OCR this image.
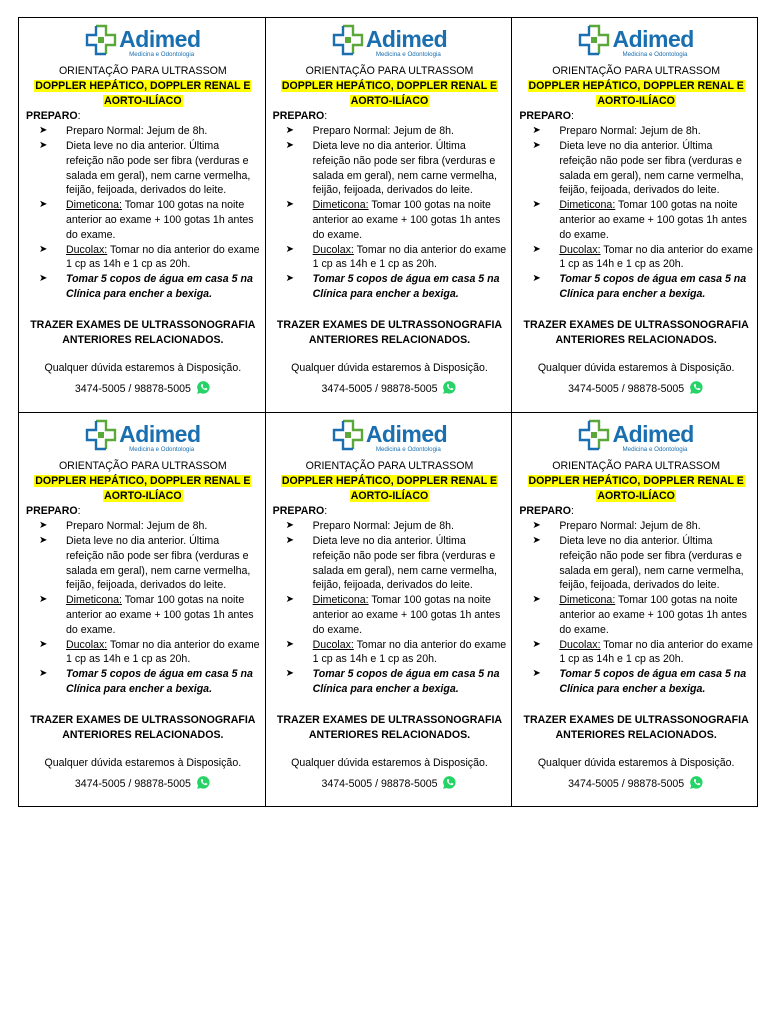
Adimed
Medicina e Odontologia
ORIENTAÇÃO PARA ULTRASSOM
DOPPLER HEPÁTICO, DOPPLER RENAL E
AORTO-ILÍACO
PREPARO:
➤ Preparo Normal: Jejum de 8h.
➤ Dieta leve no dia anterior. Última refeição não pode ser fibra (verduras e salada em geral), nem carne vermelha, feijão, feijoada, derivados do leite.
➤ Dimeticona: Tomar 100 gotas na noite anterior ao exame + 100 gotas 1h antes do exame.
➤ Ducolax: Tomar no dia anterior do exame 1 cp as 14h e 1 cp as 20h.
➤ Tomar 5 copos de água em casa 5 na Clínica para encher a bexiga.
TRAZER EXAMES DE ULTRASSONOGRAFIA
ANTERIORES RELACIONADOS.
Qualquer dúvida estaremos à Disposição.
3474-5005 / 98878-5005
Adimed
Medicina e Odontologia
ORIENTAÇÃO PARA ULTRASSOM
DOPPLER HEPÁTICO, DOPPLER RENAL E
AORTO-ILÍACO
PREPARO:
➤ Preparo Normal: Jejum de 8h.
➤ Dieta leve no dia anterior. Última refeição não pode ser fibra (verduras e salada em geral), nem carne vermelha, feijão, feijoada, derivados do leite.
➤ Dimeticona: Tomar 100 gotas na noite anterior ao exame + 100 gotas 1h antes do exame.
➤ Ducolax: Tomar no dia anterior do exame 1 cp as 14h e 1 cp as 20h.
➤ Tomar 5 copos de água em casa 5 na Clínica para encher a bexiga.
TRAZER EXAMES DE ULTRASSONOGRAFIA
ANTERIORES RELACIONADOS.
Qualquer dúvida estaremos à Disposição.
3474-5005 / 98878-5005
Adimed
Medicina e Odontologia
ORIENTAÇÃO PARA ULTRASSOM
DOPPLER HEPÁTICO, DOPPLER RENAL E
AORTO-ILÍACO
PREPARO:
➤ Preparo Normal: Jejum de 8h.
➤ Dieta leve no dia anterior. Última refeição não pode ser fibra (verduras e salada em geral), nem carne vermelha, feijão, feijoada, derivados do leite.
➤ Dimeticona: Tomar 100 gotas na noite anterior ao exame + 100 gotas 1h antes do exame.
➤ Ducolax: Tomar no dia anterior do exame 1 cp as 14h e 1 cp as 20h.
➤ Tomar 5 copos de água em casa 5 na Clínica para encher a bexiga.
TRAZER EXAMES DE ULTRASSONOGRAFIA
ANTERIORES RELACIONADOS.
Qualquer dúvida estaremos à Disposição.
3474-5005 / 98878-5005
Adimed
Medicina e Odontologia
ORIENTAÇÃO PARA ULTRASSOM
DOPPLER HEPÁTICO, DOPPLER RENAL E
AORTO-ILÍACO
PREPARO:
➤ Preparo Normal: Jejum de 8h.
➤ Dieta leve no dia anterior. Última refeição não pode ser fibra (verduras e salada em geral), nem carne vermelha, feijão, feijoada, derivados do leite.
➤ Dimeticona: Tomar 100 gotas na noite anterior ao exame + 100 gotas 1h antes do exame.
➤ Ducolax: Tomar no dia anterior do exame 1 cp as 14h e 1 cp as 20h.
➤ Tomar 5 copos de água em casa 5 na Clínica para encher a bexiga.
TRAZER EXAMES DE ULTRASSONOGRAFIA
ANTERIORES RELACIONADOS.
Qualquer dúvida estaremos à Disposição.
3474-5005 / 98878-5005
Adimed
Medicina e Odontologia
ORIENTAÇÃO PARA ULTRASSOM
DOPPLER HEPÁTICO, DOPPLER RENAL E
AORTO-ILÍACO
PREPARO:
➤ Preparo Normal: Jejum de 8h.
➤ Dieta leve no dia anterior. Última refeição não pode ser fibra (verduras e salada em geral), nem carne vermelha, feijão, feijoada, derivados do leite.
➤ Dimeticona: Tomar 100 gotas na noite anterior ao exame + 100 gotas 1h antes do exame.
➤ Ducolax: Tomar no dia anterior do exame 1 cp as 14h e 1 cp as 20h.
➤ Tomar 5 copos de água em casa 5 na Clínica para encher a bexiga.
TRAZER EXAMES DE ULTRASSONOGRAFIA
ANTERIORES RELACIONADOS.
Qualquer dúvida estaremos à Disposição.
3474-5005 / 98878-5005
Adimed
Medicina e Odontologia
ORIENTAÇÃO PARA ULTRASSOM
DOPPLER HEPÁTICO, DOPPLER RENAL E
AORTO-ILÍACO
PREPARO:
➤ Preparo Normal: Jejum de 8h.
➤ Dieta leve no dia anterior. Última refeição não pode ser fibra (verduras e salada em geral), nem carne vermelha, feijão, feijoada, derivados do leite.
➤ Dimeticona: Tomar 100 gotas na noite anterior ao exame + 100 gotas 1h antes do exame.
➤ Ducolax: Tomar no dia anterior do exame 1 cp as 14h e 1 cp as 20h.
➤ Tomar 5 copos de água em casa 5 na Clínica para encher a bexiga.
TRAZER EXAMES DE ULTRASSONOGRAFIA
ANTERIORES RELACIONADOS.
Qualquer dúvida estaremos à Disposição.
3474-5005 / 98878-5005
